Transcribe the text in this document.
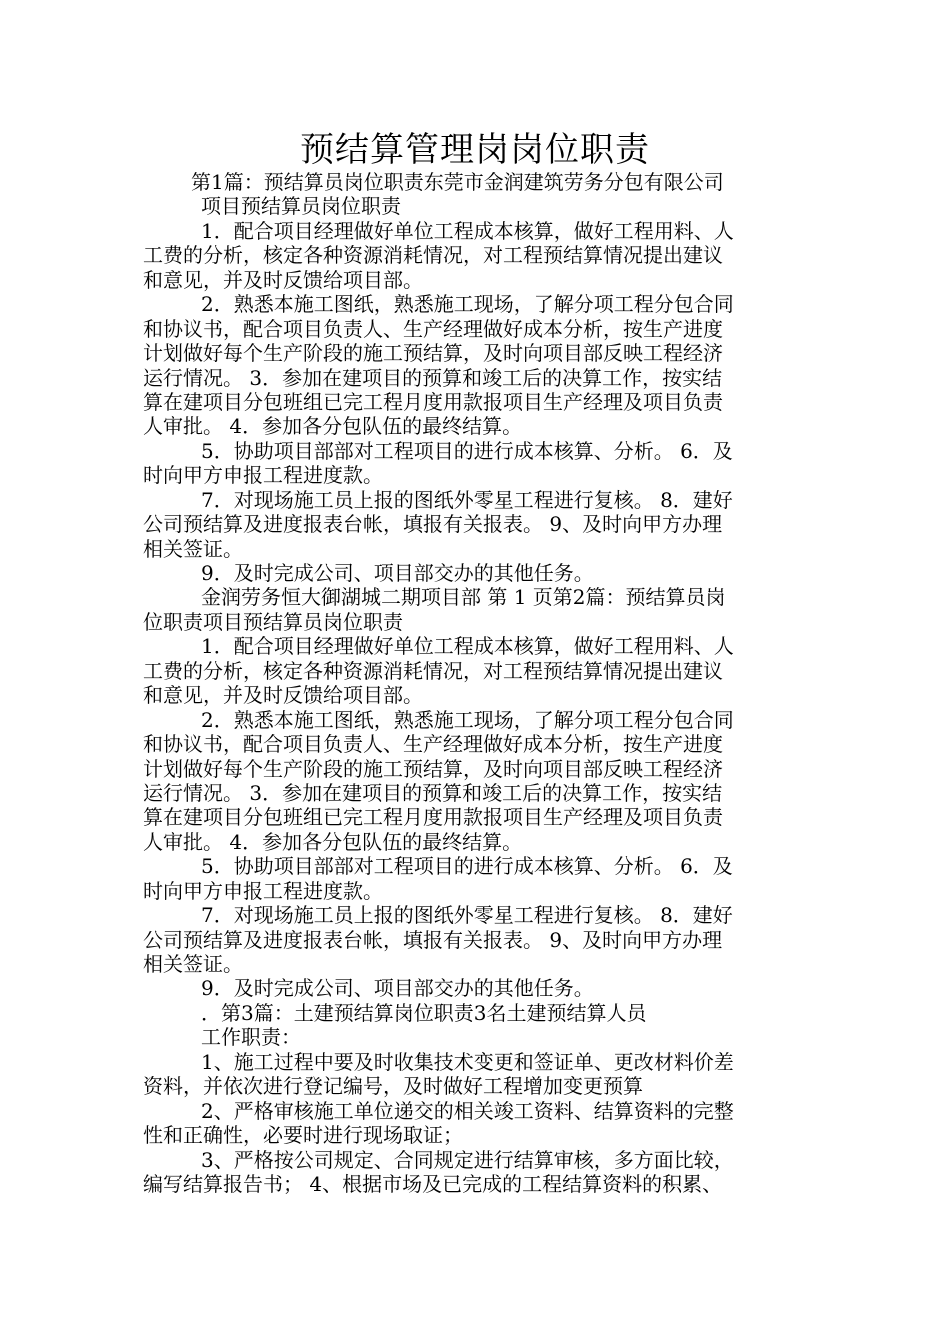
预结算管理岗岗位职责
第1篇：预结算员岗位职责东莞市金润建筑劳务分包有限公司
项目预结算员岗位职责
1．配合项目经理做好单位工程成本核算，做好工程用料、人
工费的分析，核定各种资源消耗情况，对工程预结算情况提出建议
和意见，并及时反馈给项目部。
2．熟悉本施工图纸，熟悉施工现场，了解分项工程分包合同
和协议书，配合项目负责人、生产经理做好成本分析，按生产进度
计划做好每个生产阶段的施工预结算，及时向项目部反映工程经济
运行情况。 3．参加在建项目的预算和竣工后的决算工作，按实结
算在建项目分包班组已完工程月度用款报项目生产经理及项目负责
人审批。 4．参加各分包队伍的最终结算。
5．协助项目部部对工程项目的进行成本核算、分析。 6．及
时向甲方申报工程进度款。
7．对现场施工员上报的图纸外零星工程进行复核。 8．建好
公司预结算及进度报表台帐，填报有关报表。 9、及时向甲方办理
相关签证。
9．及时完成公司、项目部交办的其他任务。
金润劳务恒大御湖城二期项目部 第 1 页第2篇：预结算员岗
位职责项目预结算员岗位职责
1．配合项目经理做好单位工程成本核算，做好工程用料、人
工费的分析，核定各种资源消耗情况，对工程预结算情况提出建议
和意见，并及时反馈给项目部。
2．熟悉本施工图纸，熟悉施工现场，了解分项工程分包合同
和协议书，配合项目负责人、生产经理做好成本分析，按生产进度
计划做好每个生产阶段的施工预结算，及时向项目部反映工程经济
运行情况。 3．参加在建项目的预算和竣工后的决算工作，按实结
算在建项目分包班组已完工程月度用款报项目生产经理及项目负责
人审批。 4．参加各分包队伍的最终结算。
5．协助项目部部对工程项目的进行成本核算、分析。 6．及
时向甲方申报工程进度款。
7．对现场施工员上报的图纸外零星工程进行复核。 8．建好
公司预结算及进度报表台帐，填报有关报表。 9、及时向甲方办理
相关签证。
9．及时完成公司、项目部交办的其他任务。
．第3篇：土建预结算岗位职责3名土建预结算人员
工作职责：
1、施工过程中要及时收集技术变更和签证单、更改材料价差
资料，并依次进行登记编号，及时做好工程增加变更预算
2、严格审核施工单位递交的相关竣工资料、结算资料的完整
性和正确性，必要时进行现场取证；
3、严格按公司规定、合同规定进行结算审核，多方面比较，
编写结算报告书； 4、根据市场及已完成的工程结算资料的积累、
